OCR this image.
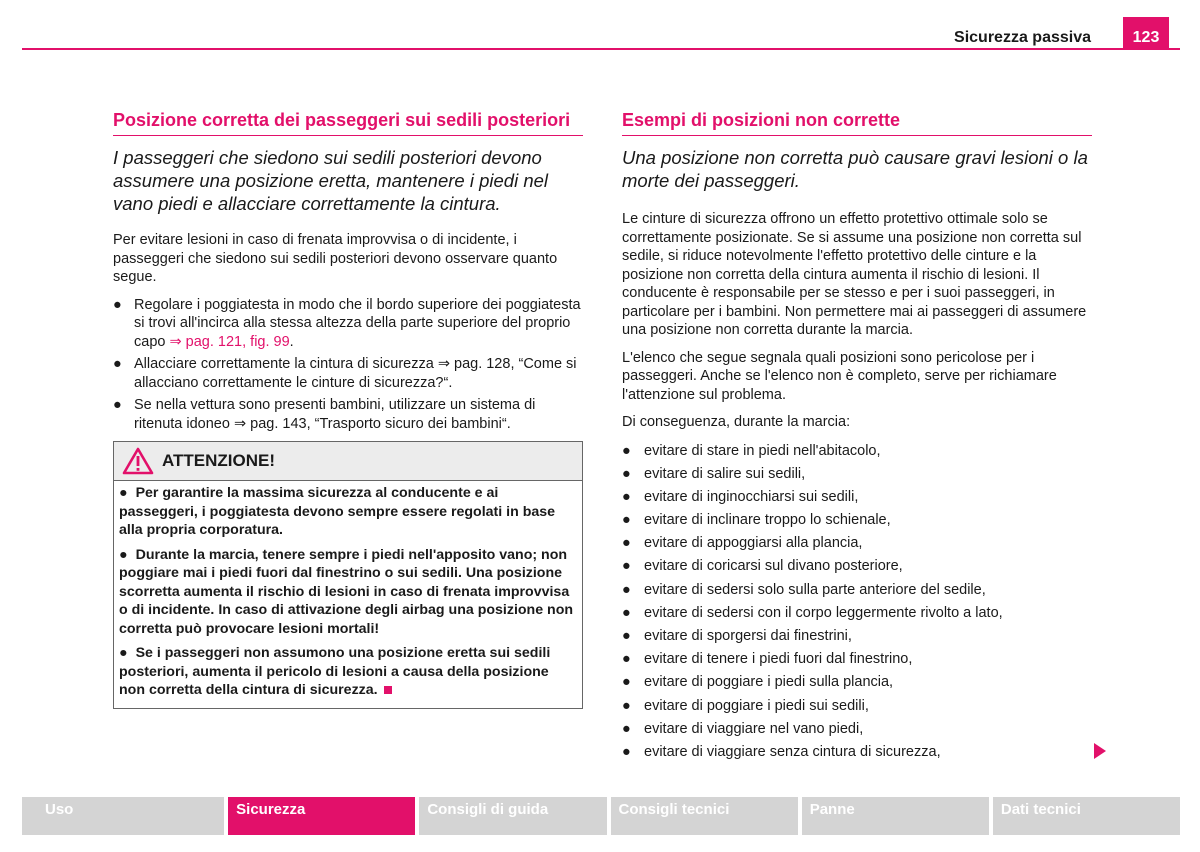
Sicurezza passiva	123
Posizione corretta dei passeggeri sui sedili posteriori
I passeggeri che siedono sui sedili posteriori devono assumere una posizione eretta, mantenere i piedi nel vano piedi e allacciare correttamente la cintura.
Per evitare lesioni in caso di frenata improvvisa o di incidente, i passeggeri che siedono sui sedili posteriori devono osservare quanto segue.
● Regolare i poggiatesta in modo che il bordo superiore dei poggiatesta si trovi all'incirca alla stessa altezza della parte superiore del proprio capo ⇒ pag. 121, fig. 99.
● Allacciare correttamente la cintura di sicurezza ⇒ pag. 128, “Come si allacciano correttamente le cinture di sicurezza?“.
● Se nella vettura sono presenti bambini, utilizzare un sistema di ritenuta idoneo ⇒ pag. 143, “Trasporto sicuro dei bambini“.
ATTENZIONE!
● Per garantire la massima sicurezza al conducente e ai passeggeri, i poggiatesta devono sempre essere regolati in base alla propria corporatura.
● Durante la marcia, tenere sempre i piedi nell'apposito vano; non poggiare mai i piedi fuori dal finestrino o sui sedili. Una posizione scorretta aumenta il rischio di lesioni in caso di frenata improvvisa o di incidente. In caso di attivazione degli airbag una posizione non corretta può provocare lesioni mortali!
● Se i passeggeri non assumono una posizione eretta sui sedili posteriori, aumenta il pericolo di lesioni a causa della posizione non corretta della cintura di sicurezza.
Esempi di posizioni non corrette
Una posizione non corretta può causare gravi lesioni o la morte dei passeggeri.
Le cinture di sicurezza offrono un effetto protettivo ottimale solo se correttamente posizionate. Se si assume una posizione non corretta sul sedile, si riduce notevolmente l'effetto protettivo delle cinture e la posizione non corretta della cintura aumenta il rischio di lesioni. Il conducente è responsabile per se stesso e per i suoi passeggeri, in particolare per i bambini. Non permettere mai ai passeggeri di assumere una posizione non corretta durante la marcia.
L'elenco che segue segnala quali posizioni sono pericolose per i passeggeri. Anche se l'elenco non è completo, serve per richiamare l'attenzione sul problema.
Di conseguenza, durante la marcia:
● evitare di stare in piedi nell'abitacolo,
● evitare di salire sui sedili,
● evitare di inginocchiarsi sui sedili,
● evitare di inclinare troppo lo schienale,
● evitare di appoggiarsi alla plancia,
● evitare di coricarsi sul divano posteriore,
● evitare di sedersi solo sulla parte anteriore del sedile,
● evitare di sedersi con il corpo leggermente rivolto a lato,
● evitare di sporgersi dai finestrini,
● evitare di tenere i piedi fuori dal finestrino,
● evitare di poggiare i piedi sulla plancia,
● evitare di poggiare i piedi sui sedili,
● evitare di viaggiare nel vano piedi,
● evitare di viaggiare senza cintura di sicurezza,
Uso	Sicurezza	Consigli di guida	Consigli tecnici	Panne	Dati tecnici
